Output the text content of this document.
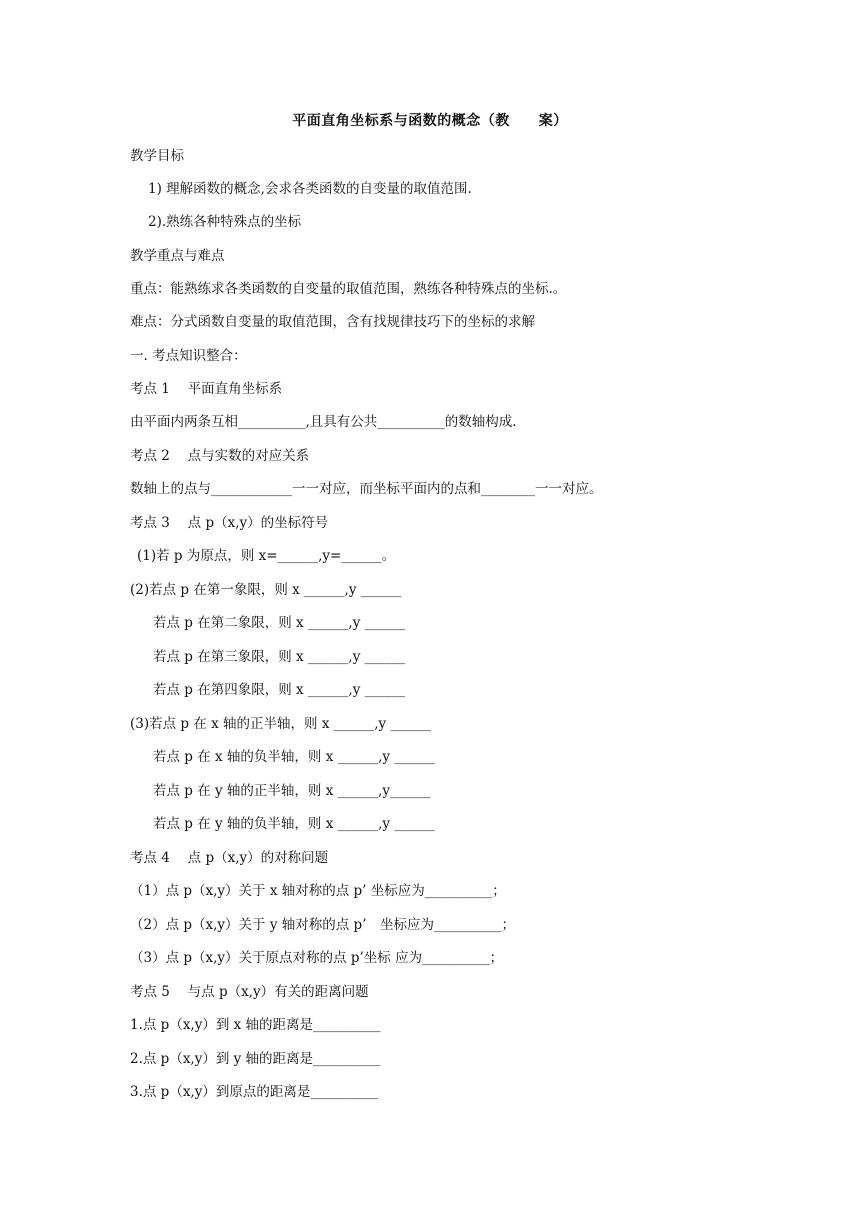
平面直角坐标系与函数的概念（教　　案）
教学目标
1) 理解函数的概念,会求各类函数的自变量的取值范围.
2).熟练各种特殊点的坐标
教学重点与难点
重点：能熟练求各类函数的自变量的取值范围，熟练各种特殊点的坐标.。
难点：分式函数自变量的取值范围，含有找规律技巧下的坐标的求解
一. 考点知识整合：
考点 1　 平面直角坐标系
由平面内两条互相__________,且具有公共__________的数轴构成.
考点 2　 点与实数的对应关系
数轴上的点与____________一一对应，而坐标平面内的点和________一一对应。
考点 3　 点 p（x,y）的坐标符号
(1)若 p 为原点，则 x=______,y=______。
(2)若点 p 在第一象限，则 x ______,y ______
若点 p 在第二象限，则 x ______,y ______
若点 p 在第三象限，则 x ______,y ______
若点 p 在第四象限，则 x ______,y ______
(3)若点 p 在 x 轴的正半轴，则 x ______,y ______
若点 p 在 x 轴的负半轴，则 x ______,y ______
若点 p 在 y 轴的正半轴，则 x ______,y______
若点 p 在 y 轴的负半轴，则 x ______,y ______
考点 4　 点 p（x,y）的对称问题
（1）点 p（x,y）关于 x 轴对称的点 p’ 坐标应为__________；
（2）点 p（x,y）关于 y 轴对称的点 p’　坐标应为__________；
（3）点 p（x,y）关于原点对称的点 p’坐标 应为__________；
考点 5　 与点 p（x,y）有关的距离问题
1.点 p（x,y）到 x 轴的距离是__________
2.点 p（x,y）到 y 轴的距离是__________
3.点 p（x,y）到原点的距离是__________
